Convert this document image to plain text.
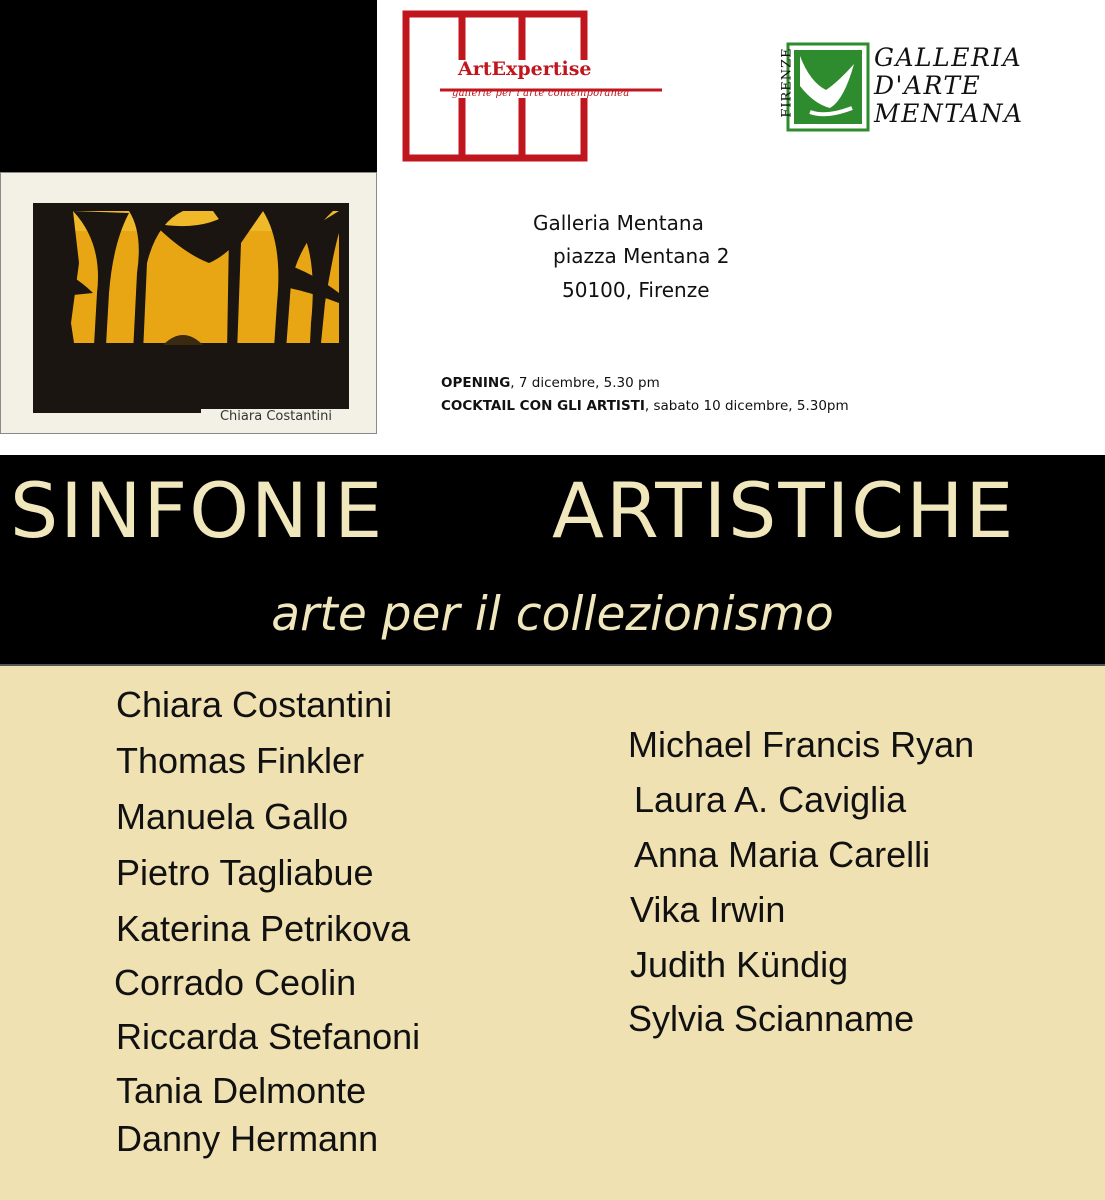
Chiara Costantini
ArtExpertise
gallerie per l'arte contemporanea	FIRENZE	GALLERIA
D'ARTE
MENTANA
Galleria Mentana
piazza Mentana 2
50100, Firenze
OPENING, 7 dicembre, 5.30 pm
COCKTAIL CON GLI ARTISTI, sabato 10 dicembre, 5.30pm
SINFONIE ARTISTICHE
arte per il collezionismo
Chiara Costantini
Thomas Finkler
Manuela Gallo
Pietro Tagliabue
Katerina Petrikova
Corrado Ceolin
Riccarda Stefanoni
Tania Delmonte
Danny Hermann
Michael Francis Ryan
Laura A. Caviglia
Anna Maria Carelli
Vika Irwin
Judith Kündig
Sylvia Scianname
